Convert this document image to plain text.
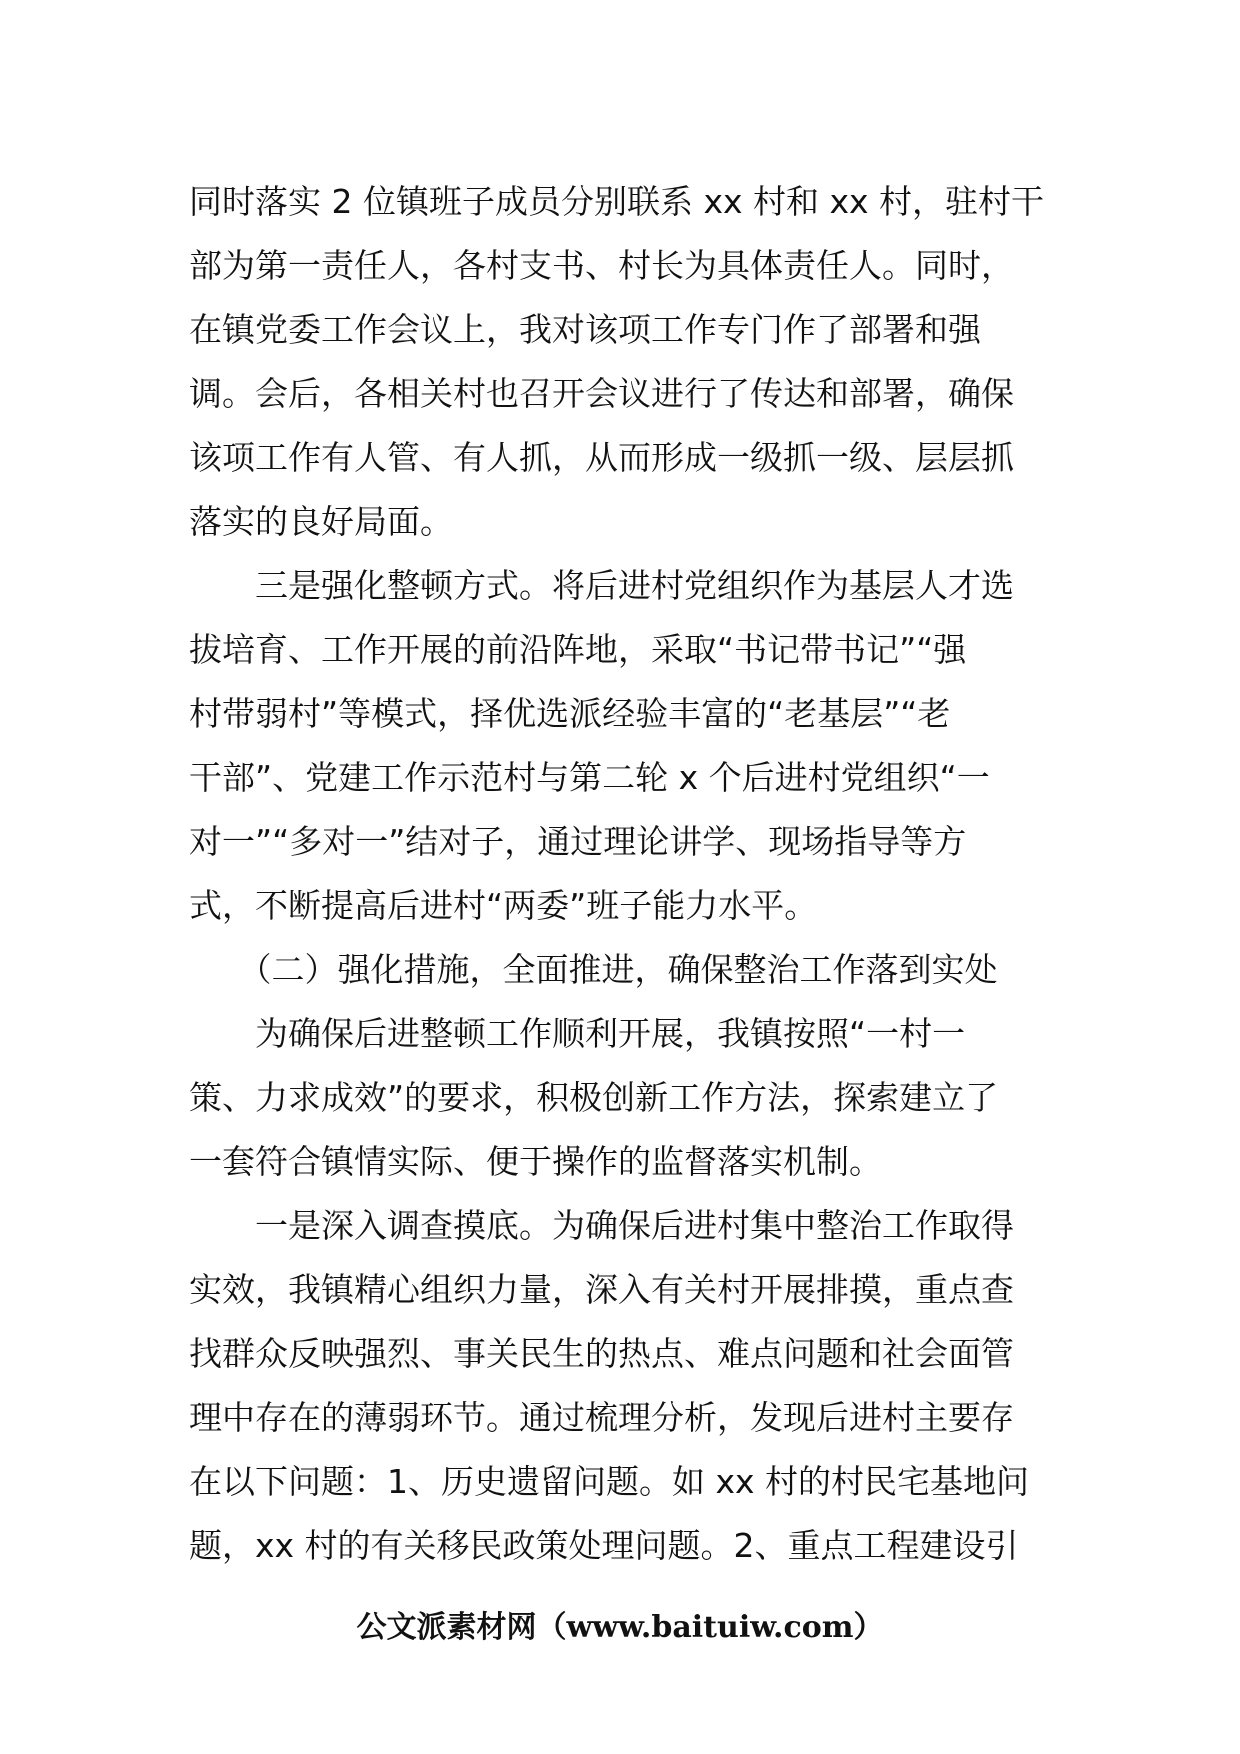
同时落实 2 位镇班子成员分别联系 xx 村和 xx 村，驻村干
部为第一责任人，各村支书、村长为具体责任人。同时，
在镇党委工作会议上，我对该项工作专门作了部署和强
调。会后，各相关村也召开会议进行了传达和部署，确保
该项工作有人管、有人抓，从而形成一级抓一级、层层抓
落实的良好局面。
　　三是强化整顿方式。将后进村党组织作为基层人才选
拔培育、工作开展的前沿阵地，采取“书记带书记”“强
村带弱村”等模式，择优选派经验丰富的“老基层”“老
干部”、党建工作示范村与第二轮 x 个后进村党组织“一
对一”“多对一”结对子，通过理论讲学、现场指导等方
式，不断提高后进村“两委”班子能力水平。
　　（二）强化措施，全面推进，确保整治工作落到实处
　　为确保后进整顿工作顺利开展，我镇按照“一村一
策、力求成效”的要求，积极创新工作方法，探索建立了
一套符合镇情实际、便于操作的监督落实机制。
　　一是深入调查摸底。为确保后进村集中整治工作取得
实效，我镇精心组织力量，深入有关村开展排摸，重点查
找群众反映强烈、事关民生的热点、难点问题和社会面管
理中存在的薄弱环节。通过梳理分析，发现后进村主要存
在以下问题：1、历史遗留问题。如 xx 村的村民宅基地问
题，xx 村的有关移民政策处理问题。2、重点工程建设引
公文派素材网（www.baituiw.com）
